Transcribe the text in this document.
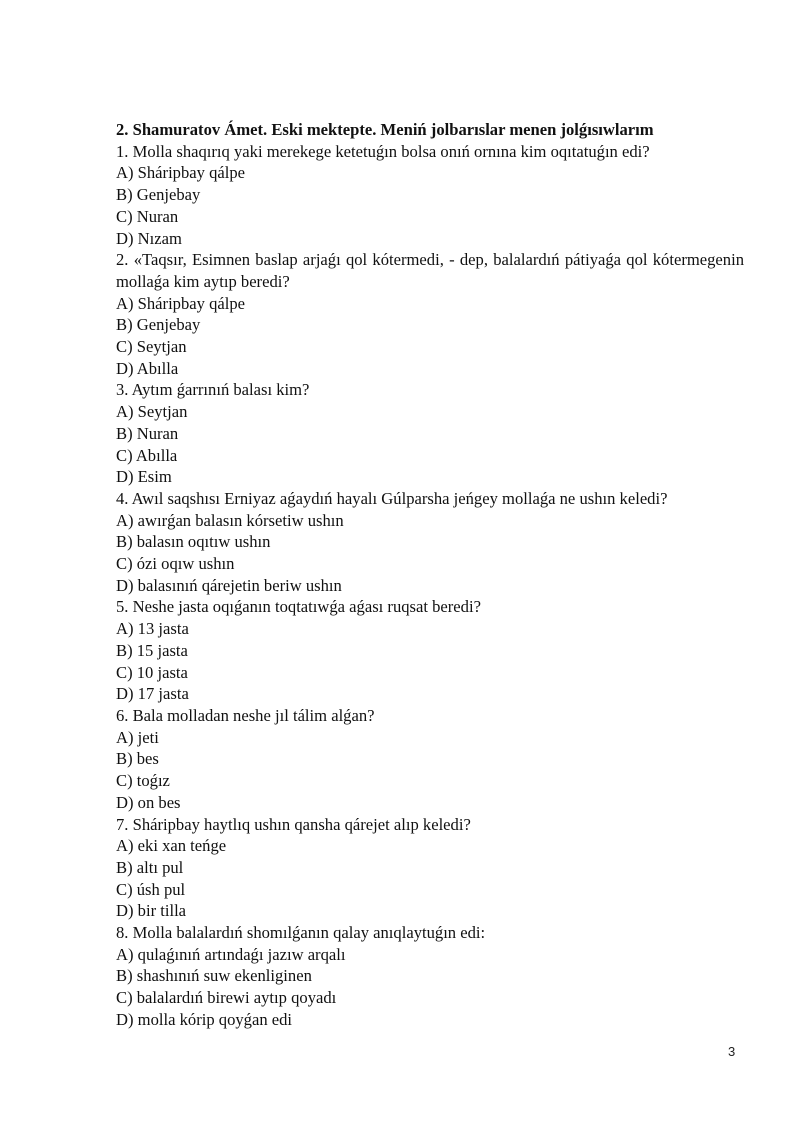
2. Shamuratov Ámet. Eski mektepte. Meniń jolbarıslar menen jolǵısıwlarım
1. Molla shaqırıq yaki merekege ketetuǵın bolsa onıń ornına kim oqıtatuǵın edi?
A) Sháripbay qálpe
B) Genjebay
C) Nuran
D) Nızam
2. «Taqsır, Esimnen baslap arjaǵı qol kótermedi, - dep, balalardıń pátiyaǵa qol kótermegenin mollaǵa kim aytıp beredi?
A) Sháripbay qálpe
B) Genjebay
C) Seytjan
D) Abılla
3. Aytım ǵarrınıń balası kim?
A) Seytjan
B) Nuran
C) Abılla
D) Esim
4. Awıl saqshısı Erniyaz aǵaydıń hayalı Gúlparsha jeńgey mollaǵa ne ushın keledi?
A) awırǵan balasın kórsetiw ushın
B) balasın oqıtıw ushın
C) ózi oqıw ushın
D) balasınıń qárejetin beriw ushın
5. Neshe jasta oqıǵanın toqtatıwǵa aǵası ruqsat beredi?
A) 13 jasta
B) 15 jasta
C) 10 jasta
D) 17 jasta
6. Bala molladan neshe jıl tálim alǵan?
A) jeti
B) bes
C) toǵız
D) on bes
7. Sháripbay haytlıq ushın qansha qárejet alıp keledi?
A) eki xan teńge
B) altı pul
C) úsh pul
D) bir tilla
8. Molla balalardıń shomılǵanın qalay anıqlaytuǵın edi:
A) qulaǵınıń artındaǵı jazıw arqalı
B) shashınıń suw ekenliginen
C) balalardıń birewi aytıp qoyadı
D) molla kórip qoyǵan edi
3
